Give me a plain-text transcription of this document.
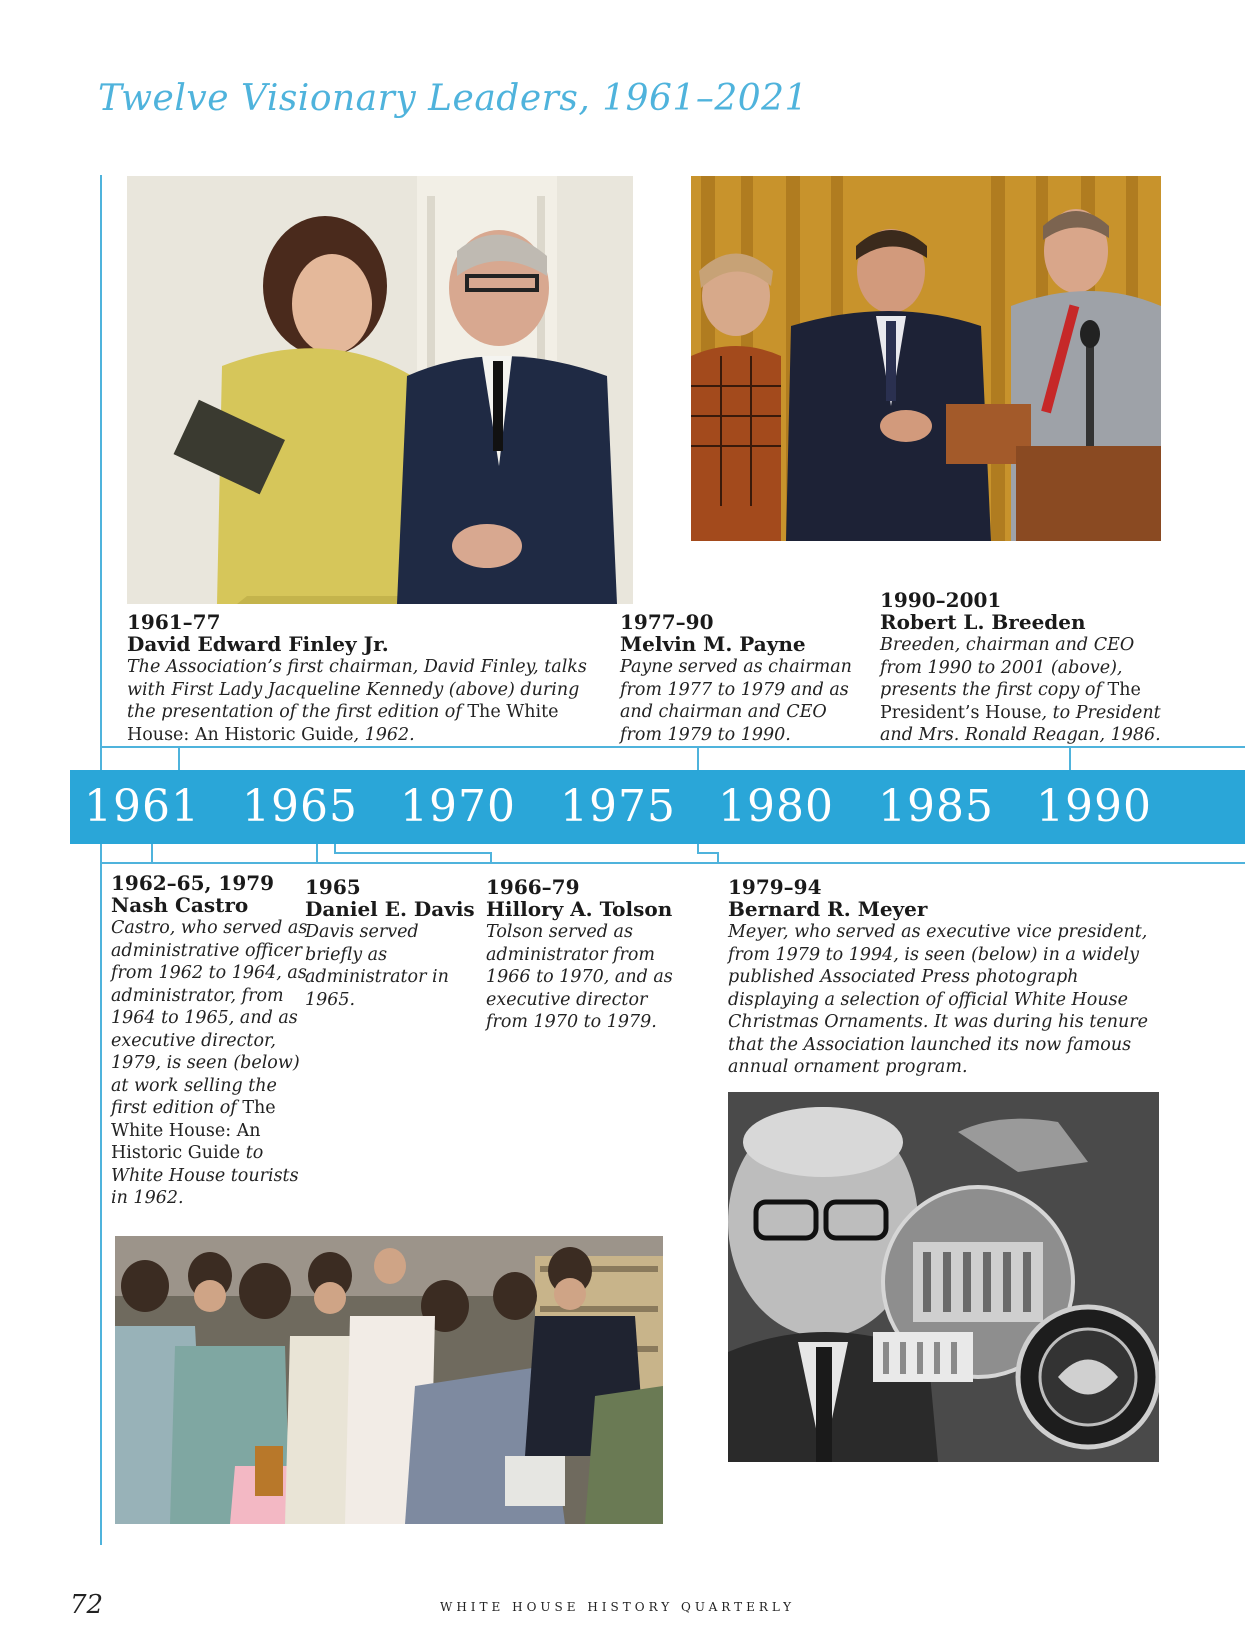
Twelve Visionary Leaders, 1961–2021
1961 1965 1970 1975 1980 1985 1990
1961–77
David Edward Finley Jr.
The Association’s first chairman, David Finley, talks with First Lady Jacqueline Kennedy (above) during the presentation of the first edition of The White House: An Historic Guide, 1962.
1977–90
Melvin M. Payne
Payne served as chairman from 1977 to 1979 and as and chairman and CEO from 1979 to 1990.
1990–2001
Robert L. Breeden
Breeden, chairman and CEO from 1990 to 2001 (above), presents the first copy of The President’s House, to President and Mrs. Ronald Reagan, 1986.
1962–65, 1979
Nash Castro
Castro, who served as administrative officer from 1962 to 1964, as administrator, from 1964 to 1965, and as executive director, 1979, is seen (below) at work selling the first edition of The White House: An Historic Guide to White House tourists in 1962.
1965
Daniel E. Davis
Davis served briefly as administrator in 1965.
1966–79
Hillory A. Tolson
Tolson served as administrator from 1966 to 1970, and as executive director from 1970 to 1979.
1979–94
Bernard R. Meyer
Meyer, who served as executive vice president, from 1979 to 1994, is seen (below) in a widely published Associated Press photograph displaying a selection of official White House Christmas Ornaments. It was during his tenure that the Association launched its now famous annual ornament program.
72	WHITE HOUSE HISTORY QUARTERLY
